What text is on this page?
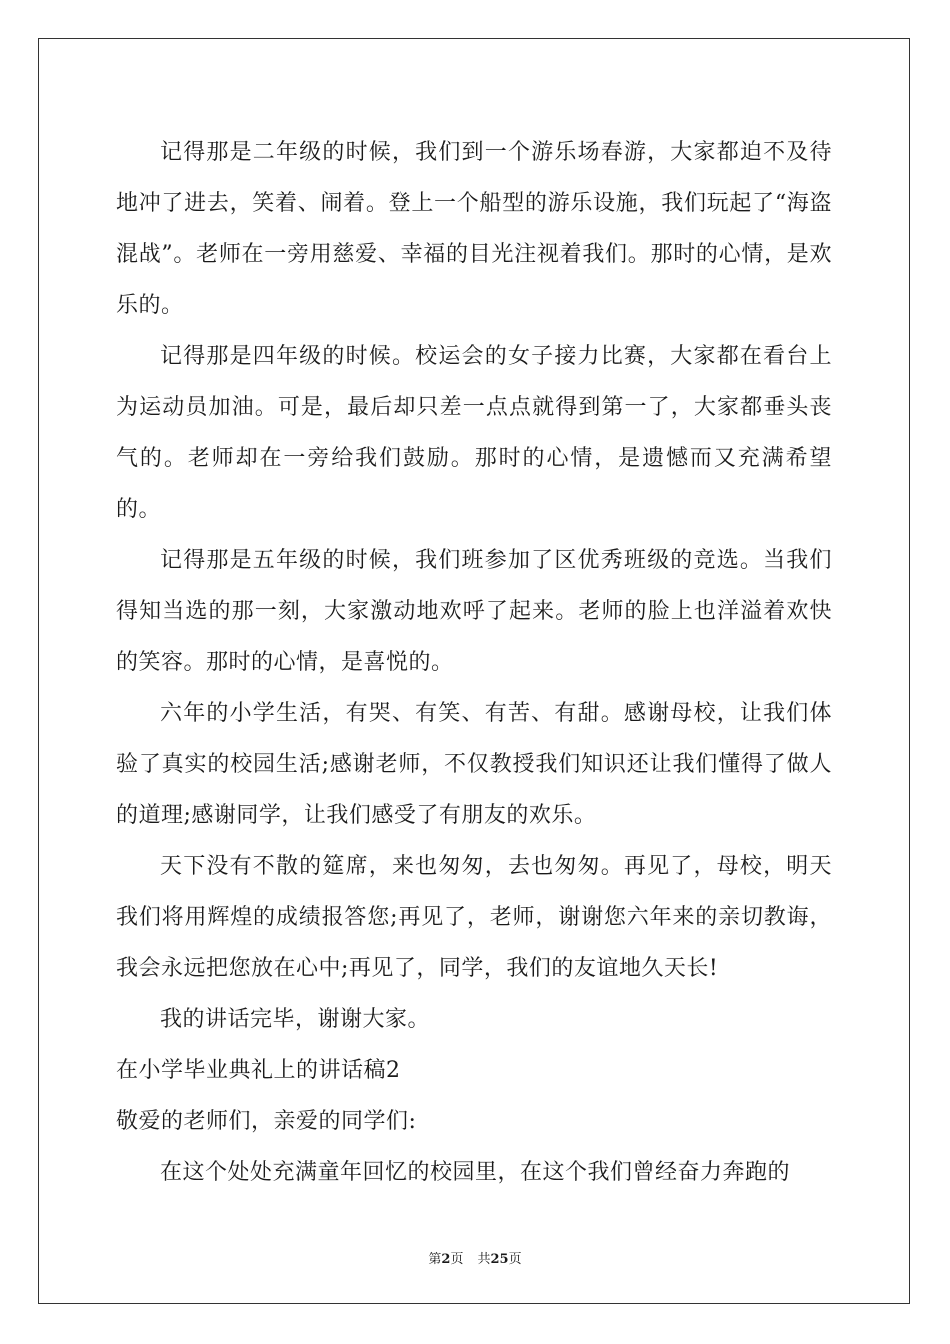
记得那是二年级的时候，我们到一个游乐场春游，大家都迫不及待地冲了进去，笑着、闹着。登上一个船型的游乐设施，我们玩起了“海盗混战”。老师在一旁用慈爱、幸福的目光注视着我们。那时的心情，是欢乐的。

记得那是四年级的时候。校运会的女子接力比赛，大家都在看台上为运动员加油。可是，最后却只差一点点就得到第一了，大家都垂头丧气的。老师却在一旁给我们鼓励。那时的心情，是遗憾而又充满希望的。

记得那是五年级的时候，我们班参加了区优秀班级的竞选。当我们得知当选的那一刻，大家激动地欢呼了起来。老师的脸上也洋溢着欢快的笑容。那时的心情，是喜悦的。

六年的小学生活，有哭、有笑、有苦、有甜。感谢母校，让我们体验了真实的校园生活;感谢老师，不仅教授我们知识还让我们懂得了做人的道理;感谢同学，让我们感受了有朋友的欢乐。

天下没有不散的筵席，来也匆匆，去也匆匆。再见了，母校，明天我们将用辉煌的成绩报答您;再见了，老师，谢谢您六年来的亲切教诲，我会永远把您放在心中;再见了，同学，我们的友谊地久天长!

我的讲话完毕，谢谢大家。

在小学毕业典礼上的讲话稿2

敬爱的老师们，亲爱的同学们:

在这个处处充满童年回忆的校园里，在这个我们曾经奋力奔跑的

第2页 共25页
